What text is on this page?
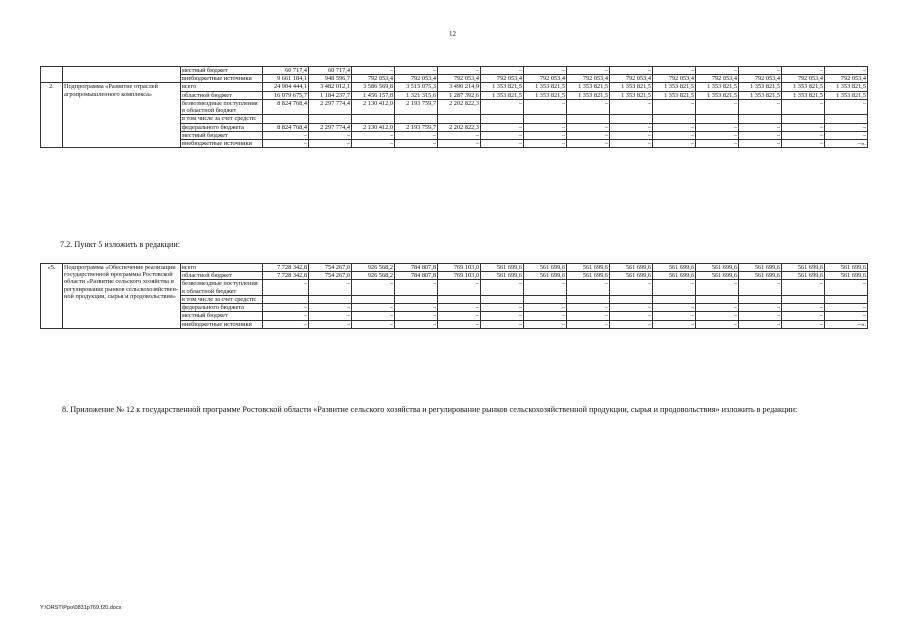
12
		местный бюджет	60 717,4	60 717,4	–	–	–	–	–	–	–	–	–	–	–	–
		внебюджетные источники	9 661 184,1	948 596,7	792 053,4	792 053,4	792 053,4	792 053,4	792 053,4	792 053,4	792 053,4	792 053,4	792 053,4	792 053,4	792 053,4	792 053,4
2.	Подпрограмма «Развитие отраслей агропромышленного комплекса»	всего	24 904 444,1	3 482 012,1	3 586 569,8	3 515 075,3	3 490 214,9	1 353 821,5	1 353 821,5	1 353 821,5	1 353 821,5	1 353 821,5	1 353 821,5	1 353 821,5	1 353 821,5	1 353 821,5
		областной бюджет	16 079 675,7	1 184 237,7	1 456 157,8	1 321 315,6	1 287 392,6	1 353 821,5	1 353 821,5	1 353 821,5	1 353 821,5	1 353 821,5	1 353 821,5	1 353 821,5	1 353 821,5	1 353 821,5
		безвозмездные поступления в областной бюджет	8 824 768,4	2 297 774,4	2 130 412,0	2 193 759,7	2 202 822,3	–	–	–	–	–	–	–	–	–
		в том числе за счет средств:														
		федерального бюджета	8 824 768,4	2 297 774,4	2 130 412,0	2 193 759,7	2 202 822,3	–	–	–	–	–	–	–	–	–
		местный бюджет	–	–	–	–	–	–	–	–	–	–	–	–	–	–
		внебюджетные источники	–	–	–	–	–	–	–	–	–	–	–	–	–	–».
7.2. Пункт 5 изложить в редакции:
«5.	Подпрограмма «Обеспечение реализации государственной программы Ростовской области «Развитие сельского хозяйства и регулирование рынков сельскохозяйствен-ной продукции, сырья и продовольствия»	всего	7 728 342,8	754 267,0	926 568,2	784 807,8	769 103,0	561 699,6	561 699,6	561 699,6	561 699,6	561 699,6	561 699,6	561 699,6	561 699,6	561 699,6
		областной бюджет	7 728 342,8	754 267,0	926 568,2	784 807,8	769 103,0	561 699,6	561 699,6	561 699,6	561 699,6	561 699,6	561 699,6	561 699,6	561 699,6	561 699,6
		безвозмездные поступления в областной бюджет	–	–	–	–	–	–	–	–	–	–	–	–	–	–
		в том числе за счет средств:														
		федерального бюджета	–	–	–	–	–	–	–	–	–	–	–	–	–	–
		местный бюджет	–	–	–	–	–	–	–	–	–	–	–	–	–	–
		внебюджетные источники	–	–	–	–	–	–	–	–	–	–	–	–	–	–».
8. Приложение № 12 к государственной программе Ростовской области «Развитие сельского хозяйства и регулирование рынков сельскохозяйственной продукции, сырья и продовольствия» изложить в редакции:
Y:\ORST\Ppo\0831p769.f20.docx
